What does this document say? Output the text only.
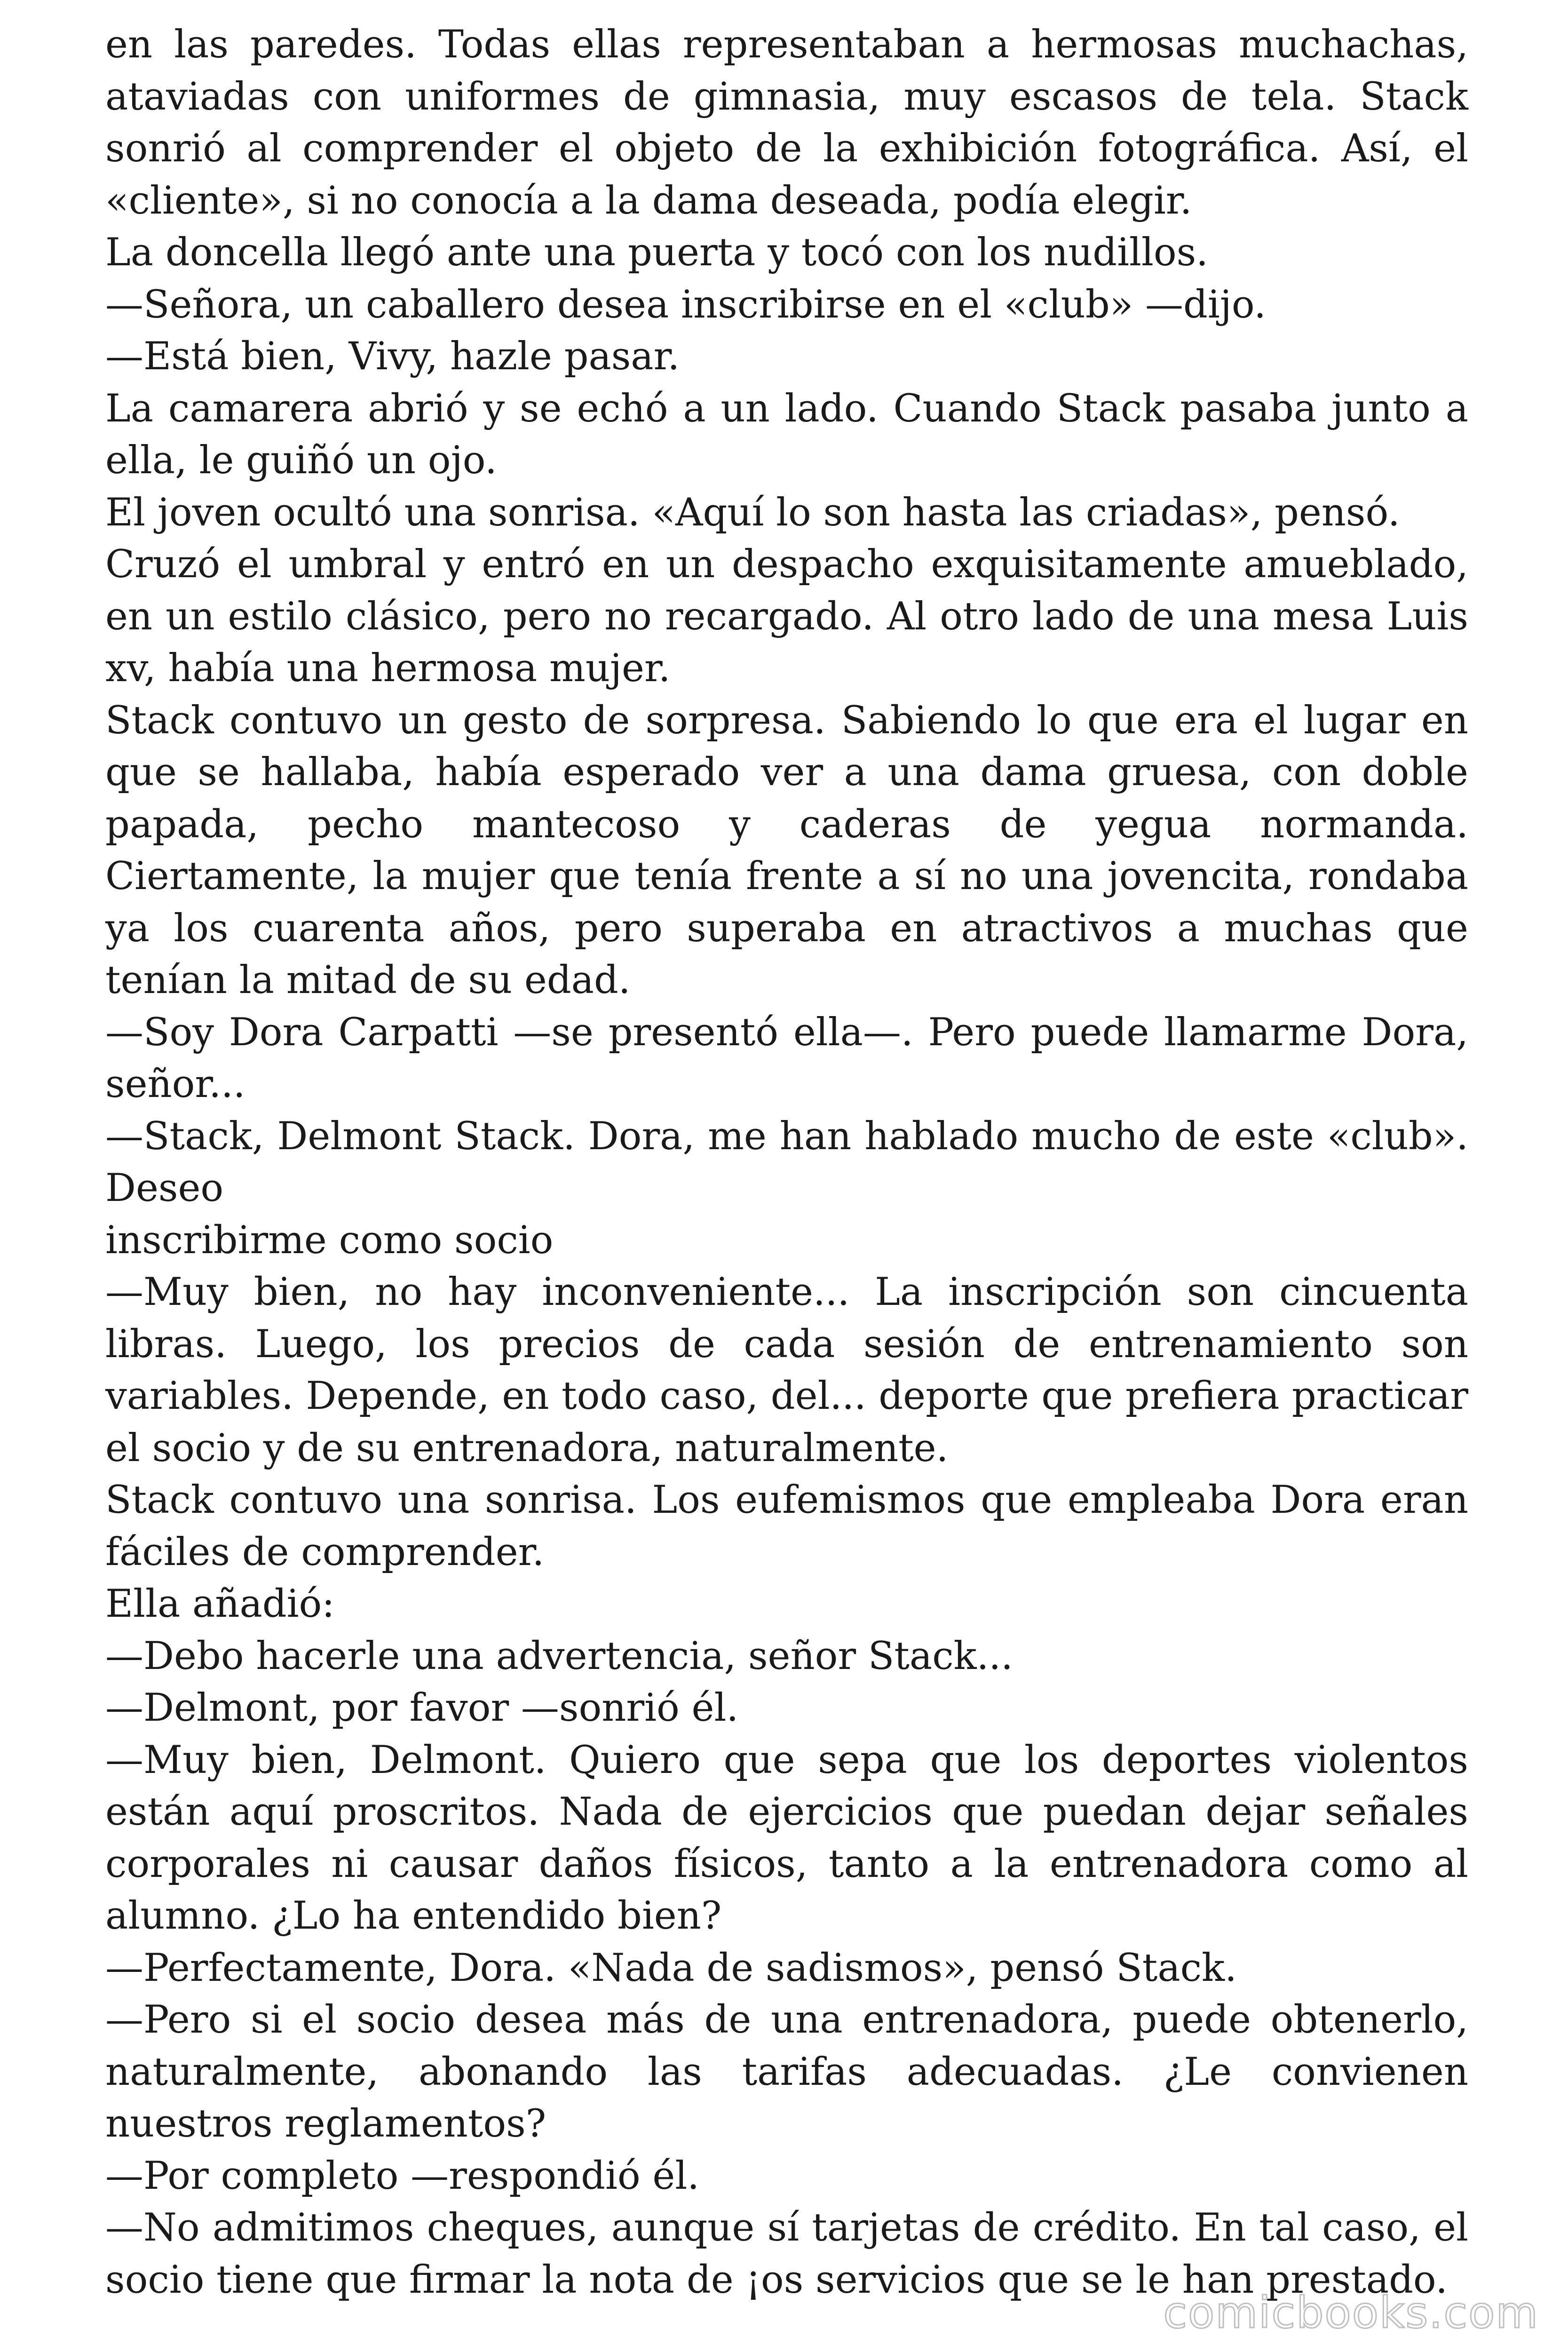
en las paredes. Todas ellas representaban a hermosas muchachas, ataviadas con uniformes de gimnasia, muy escasos de tela. Stack sonrió al comprender el objeto de la exhibición fotográfica. Así, el «cliente», si no conocía a la dama deseada, podía elegir.

La doncella llegó ante una puerta y tocó con los nudillos.

—Señora, un caballero desea inscribirse en el «club» —dijo.

—Está bien, Vivy, hazle pasar.

La camarera abrió y se echó a un lado. Cuando Stack pasaba junto a ella, le guiñó un ojo.

El joven ocultó una sonrisa. «Aquí lo son hasta las criadas», pensó.

Cruzó el umbral y entró en un despacho exquisitamente amueblado, en un estilo clásico, pero no recargado. Al otro lado de una mesa Luis xv, había una hermosa mujer.

Stack contuvo un gesto de sorpresa. Sabiendo lo que era el lugar en que se hallaba, había esperado ver a una dama gruesa, con doble papada, pecho mantecoso y caderas de yegua normanda. Ciertamente, la mujer que tenía frente a sí no una jovencita, rondaba ya los cuarenta años, pero superaba en atractivos a muchas que tenían la mitad de su edad.

—Soy Dora Carpatti —se presentó ella—. Pero puede llamarme Dora, señor...

—Stack, Delmont Stack. Dora, me han hablado mucho de este «club». Deseo

inscribirme como socio

—Muy bien, no hay inconveniente... La inscripción son cincuenta libras. Luego, los precios de cada sesión de entrenamiento son variables. Depende, en todo caso, del... deporte que prefiera practicar el socio y de su entrenadora, naturalmente.

Stack contuvo una sonrisa. Los eufemismos que empleaba Dora eran fáciles de comprender.

Ella añadió:

—Debo hacerle una advertencia, señor Stack...

—Delmont, por favor —sonrió él.

—Muy bien, Delmont. Quiero que sepa que los deportes violentos están aquí proscritos. Nada de ejercicios que puedan dejar señales corporales ni causar daños físicos, tanto a la entrenadora como al alumno. ¿Lo ha entendido bien?

—Perfectamente, Dora. «Nada de sadismos», pensó Stack.

—Pero si el socio desea más de una entrenadora, puede obtenerlo, naturalmente, abonando las tarifas adecuadas. ¿Le convienen nuestros reglamentos?

—Por completo —respondió él.

—No admitimos cheques, aunque sí tarjetas de crédito. En tal caso, el socio tiene que firmar la nota de ¡os servicios que se le han prestado.

comicbooks.com
